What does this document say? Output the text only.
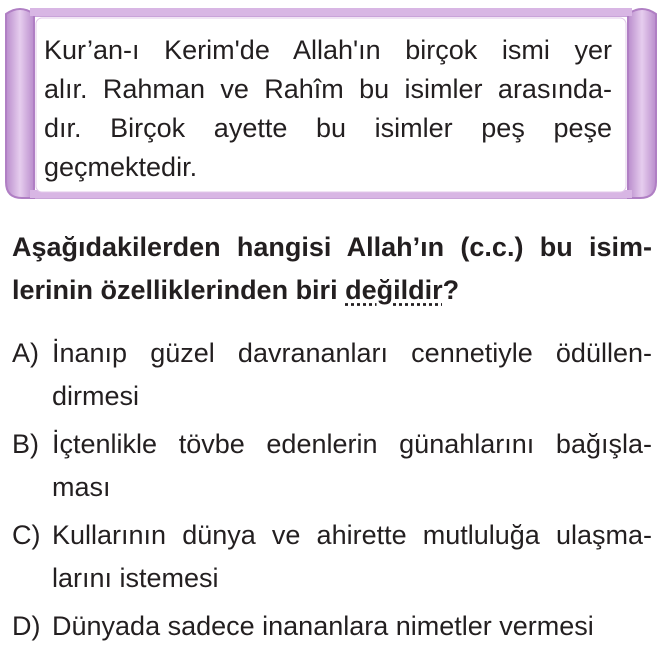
Kur’an-ı Kerim'de Allah'ın birçok ismi yer
alır. Rahman ve Rahîm bu isimler arasında-
dır. Birçok ayette bu isimler peş peşe
geçmektedir.

Aşağıdakilerden hangisi Allah’ın (c.c.) bu isim-
lerinin özelliklerinden biri değildir?

A) İnanıp güzel davrananları cennetiyle ödüllen-
dirmesi
B) İçtenlikle tövbe edenlerin günahlarını bağışla-
ması
C) Kullarının dünya ve ahirette mutluluğa ulaşma-
larını istemesi
D) Dünyada sadece inananlara nimetler vermesi
